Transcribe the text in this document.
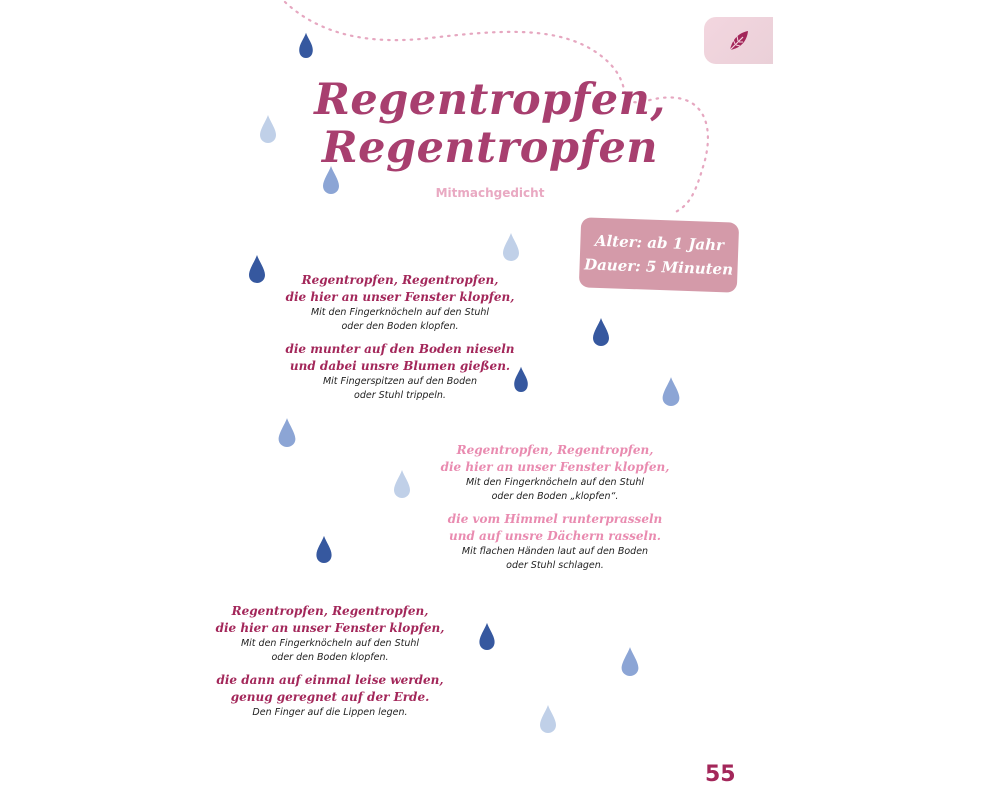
Regentropfen,
Regentropfen
Mitmachgedicht
Alter: ab 1 Jahr
Dauer: 5 Minuten
Regentropfen, Regentropfen,
die hier an unser Fenster klopfen,
Mit den Fingerknöcheln auf den Stuhl
oder den Boden klopfen.
die munter auf den Boden nieseln
und dabei unsre Blumen gießen.
Mit Fingerspitzen auf den Boden
oder Stuhl trippeln.
Regentropfen, Regentropfen,
die hier an unser Fenster klopfen,
Mit den Fingerknöcheln auf den Stuhl
oder den Boden „klopfen“.
die vom Himmel runterprasseln
und auf unsre Dächern rasseln.
Mit flachen Händen laut auf den Boden
oder Stuhl schlagen.
Regentropfen, Regentropfen,
die hier an unser Fenster klopfen,
Mit den Fingerknöcheln auf den Stuhl
oder den Boden klopfen.
die dann auf einmal leise werden,
genug geregnet auf der Erde.
Den Finger auf die Lippen legen.
55
